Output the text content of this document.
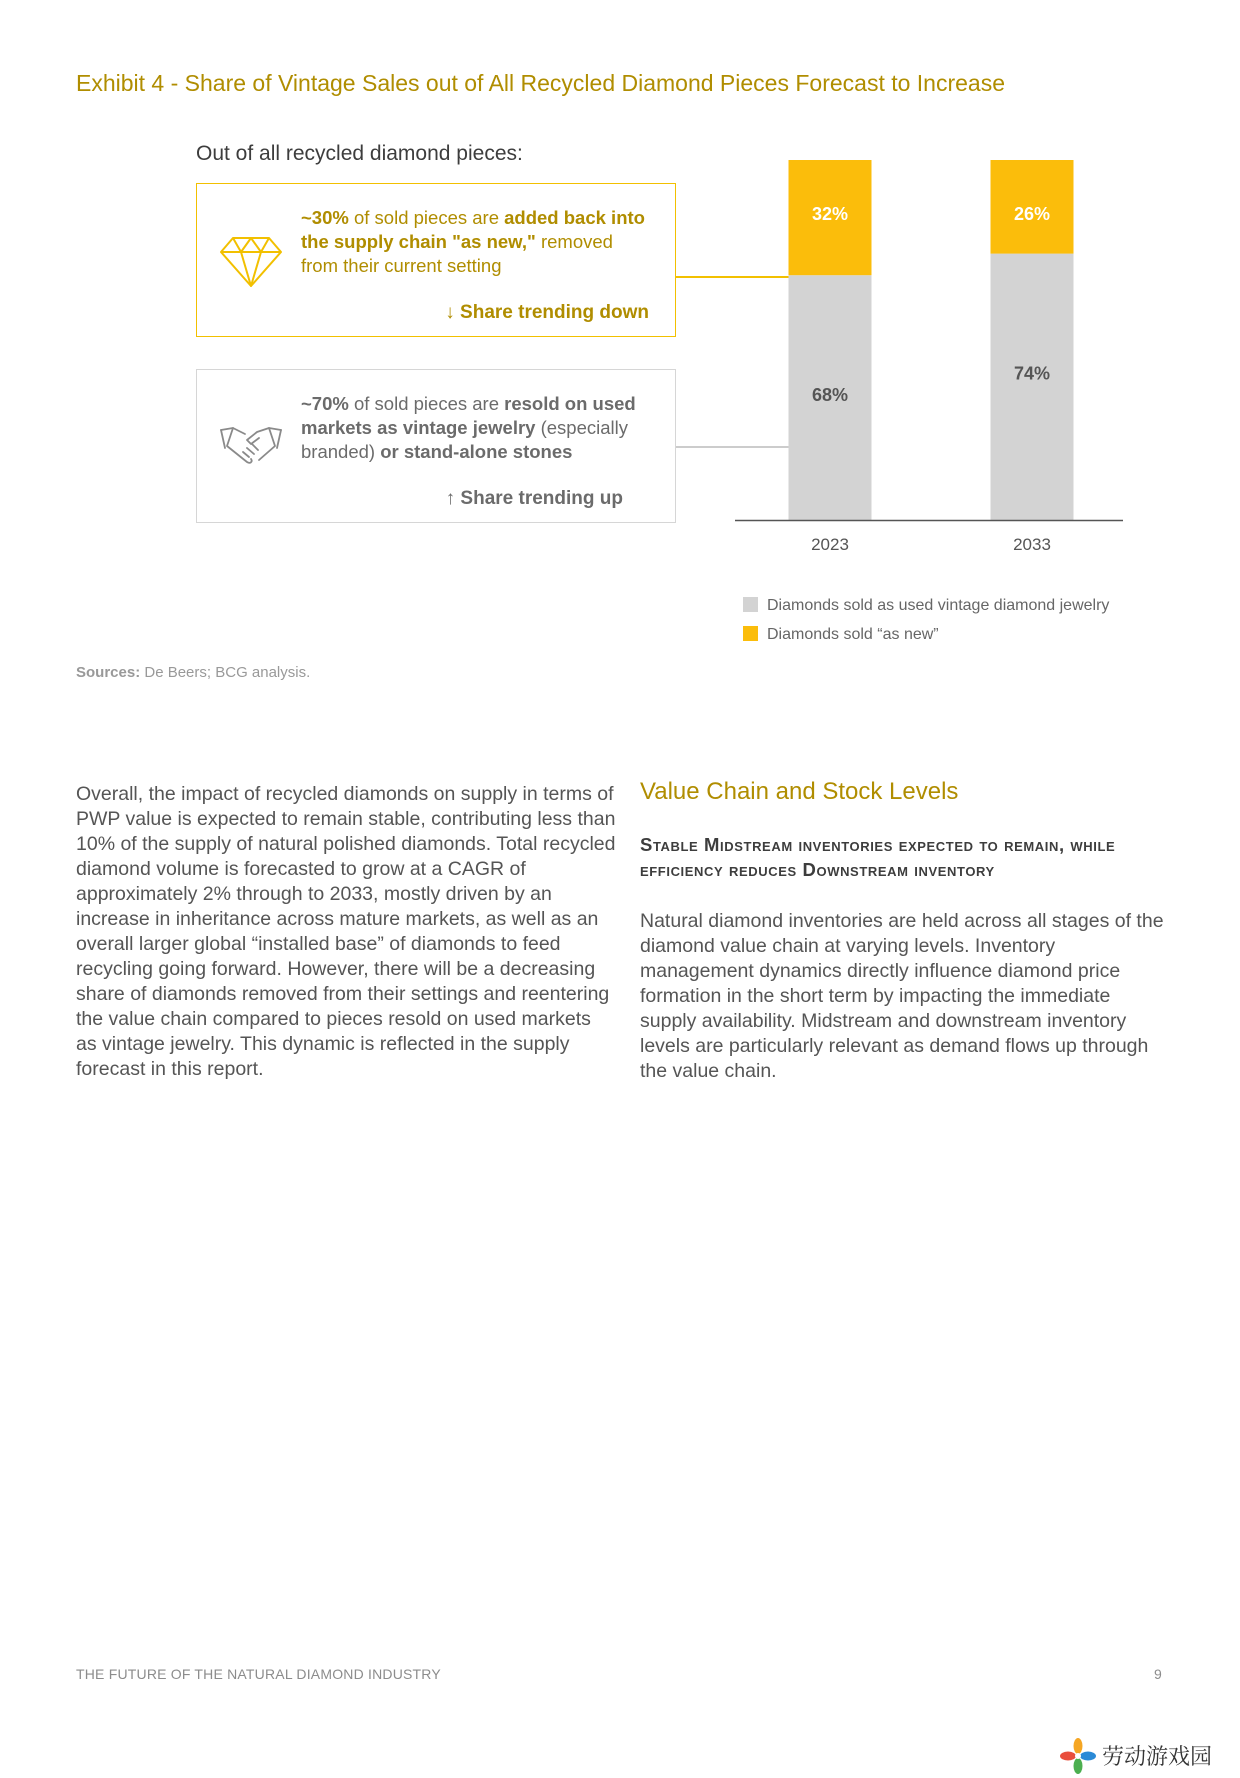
Exhibit 4 - Share of Vintage Sales out of All Recycled Diamond Pieces Forecast to Increase
Out of all recycled diamond pieces:
~30% of sold pieces are added back into the supply chain "as new," removed from their current setting
↓ Share trending down
~70% of sold pieces are resold on used markets as vintage jewelry (especially branded) or stand-alone stones
↑ Share trending up
68%
32%
2023
74%
26%
2033
Diamonds sold as used vintage diamond jewelry
Diamonds sold “as new”
Sources: De Beers; BCG analysis.
Overall, the impact of recycled diamonds on supply in terms of PWP value is expected to remain stable, contributing less than 10% of the supply of natural polished diamonds. Total recycled diamond volume is forecasted to grow at a CAGR of approximately 2% through to 2033, mostly driven by an increase in inheritance across mature markets, as well as an overall larger global “installed base” of diamonds to feed recycling going forward. However, there will be a decreasing share of diamonds removed from their settings and reentering the value chain compared to pieces resold on used markets as vintage jewelry. This dynamic is reflected in the supply forecast in this report.
Value Chain and Stock Levels
Stable Midstream inventories expected to remain, while efficiency reduces Downstream inventory
Natural diamond inventories are held across all stages of the diamond value chain at varying levels. Inventory management dynamics directly influence diamond price formation in the short term by impacting the immediate supply availability. Midstream and downstream inventory levels are particularly relevant as demand flows up through the value chain.
THE FUTURE OF THE NATURAL DIAMOND INDUSTRY	9
劳动游戏园
